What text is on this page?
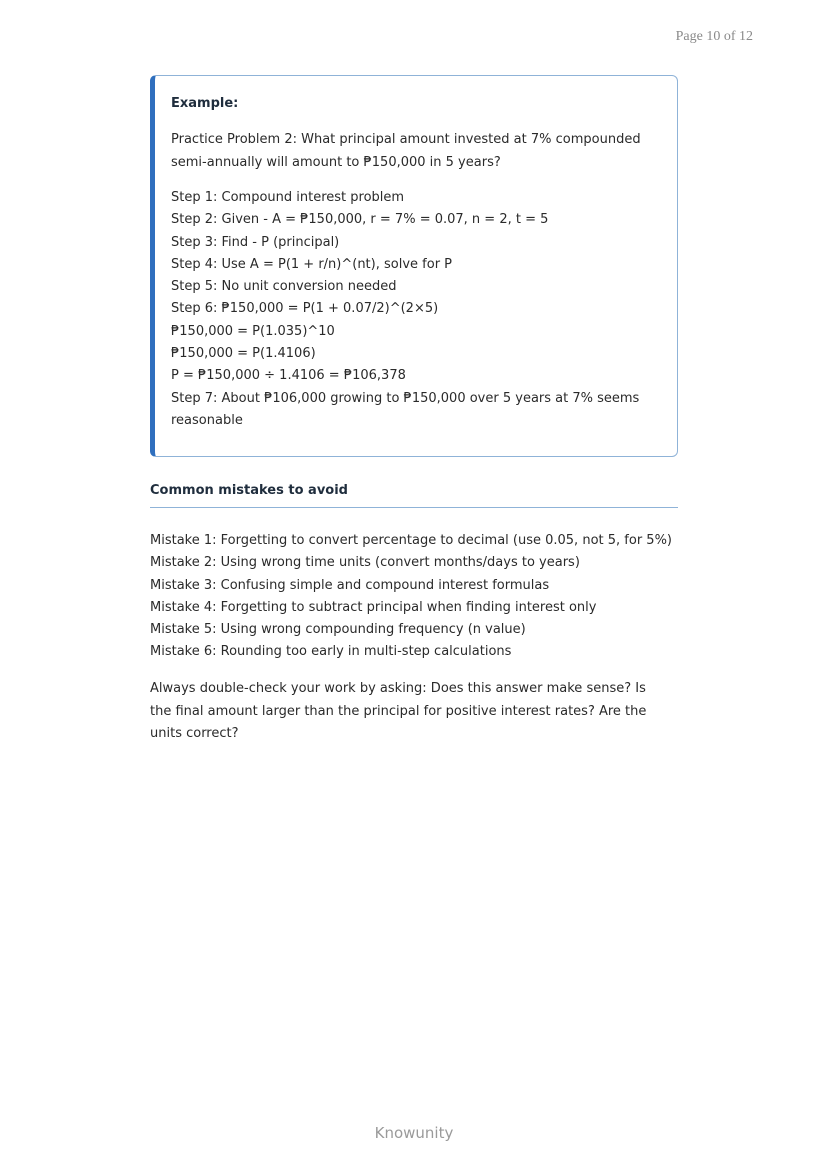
Page 10 of 12
Example:

Practice Problem 2: What principal amount invested at 7% compounded semi-annually will amount to ₱150,000 in 5 years?

Step 1: Compound interest problem
Step 2: Given - A = ₱150,000, r = 7% = 0.07, n = 2, t = 5
Step 3: Find - P (principal)
Step 4: Use A = P(1 + r/n)^(nt), solve for P
Step 5: No unit conversion needed
Step 6: ₱150,000 = P(1 + 0.07/2)^(2×5)
₱150,000 = P(1.035)^10
₱150,000 = P(1.4106)
P = ₱150,000 ÷ 1.4106 = ₱106,378
Step 7: About ₱106,000 growing to ₱150,000 over 5 years at 7% seems reasonable
Common mistakes to avoid
Mistake 1: Forgetting to convert percentage to decimal (use 0.05, not 5, for 5%)
Mistake 2: Using wrong time units (convert months/days to years)
Mistake 3: Confusing simple and compound interest formulas
Mistake 4: Forgetting to subtract principal when finding interest only
Mistake 5: Using wrong compounding frequency (n value)
Mistake 6: Rounding too early in multi-step calculations

Always double-check your work by asking: Does this answer make sense? Is the final amount larger than the principal for positive interest rates? Are the units correct?

Knowunity
